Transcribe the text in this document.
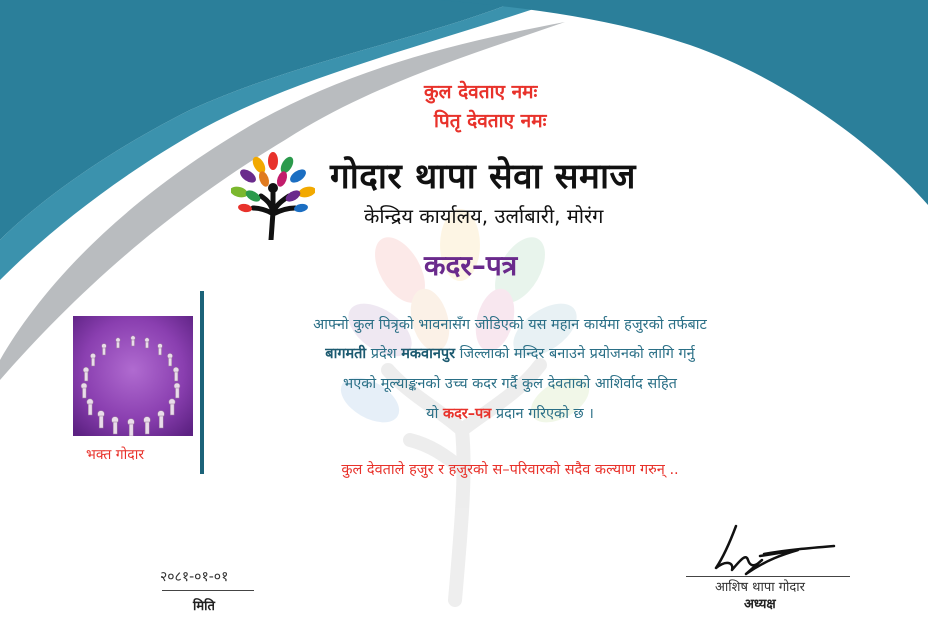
कुल देवताए नमः
पितृ देवताए नमः
गोदार थापा सेवा समाज
केन्द्रिय कार्यालय, उर्लाबारी, मोरंग
कदर–पत्र
भक्त गोदार
आफ्नो कुल पित्रृको भावनासँग जोडिएको यस महान कार्यमा हजुरको तर्फबाट
बागमती प्रदेश मकवानपुर जिल्लाको मन्दिर बनाउने प्रयोजनको लागि गर्नु
भएको मूल्याङ्कनको उच्च कदर गर्दै कुल देवताको आशिर्वाद सहित
यो कदर–पत्र प्रदान गरिएको छ ।
कुल देवताले हजुर र हजुरको स–परिवारको सदैव कल्याण गरुन् ..
२०८१-०१-०१
मिति
आशिष थापा गोदार
अध्यक्ष
